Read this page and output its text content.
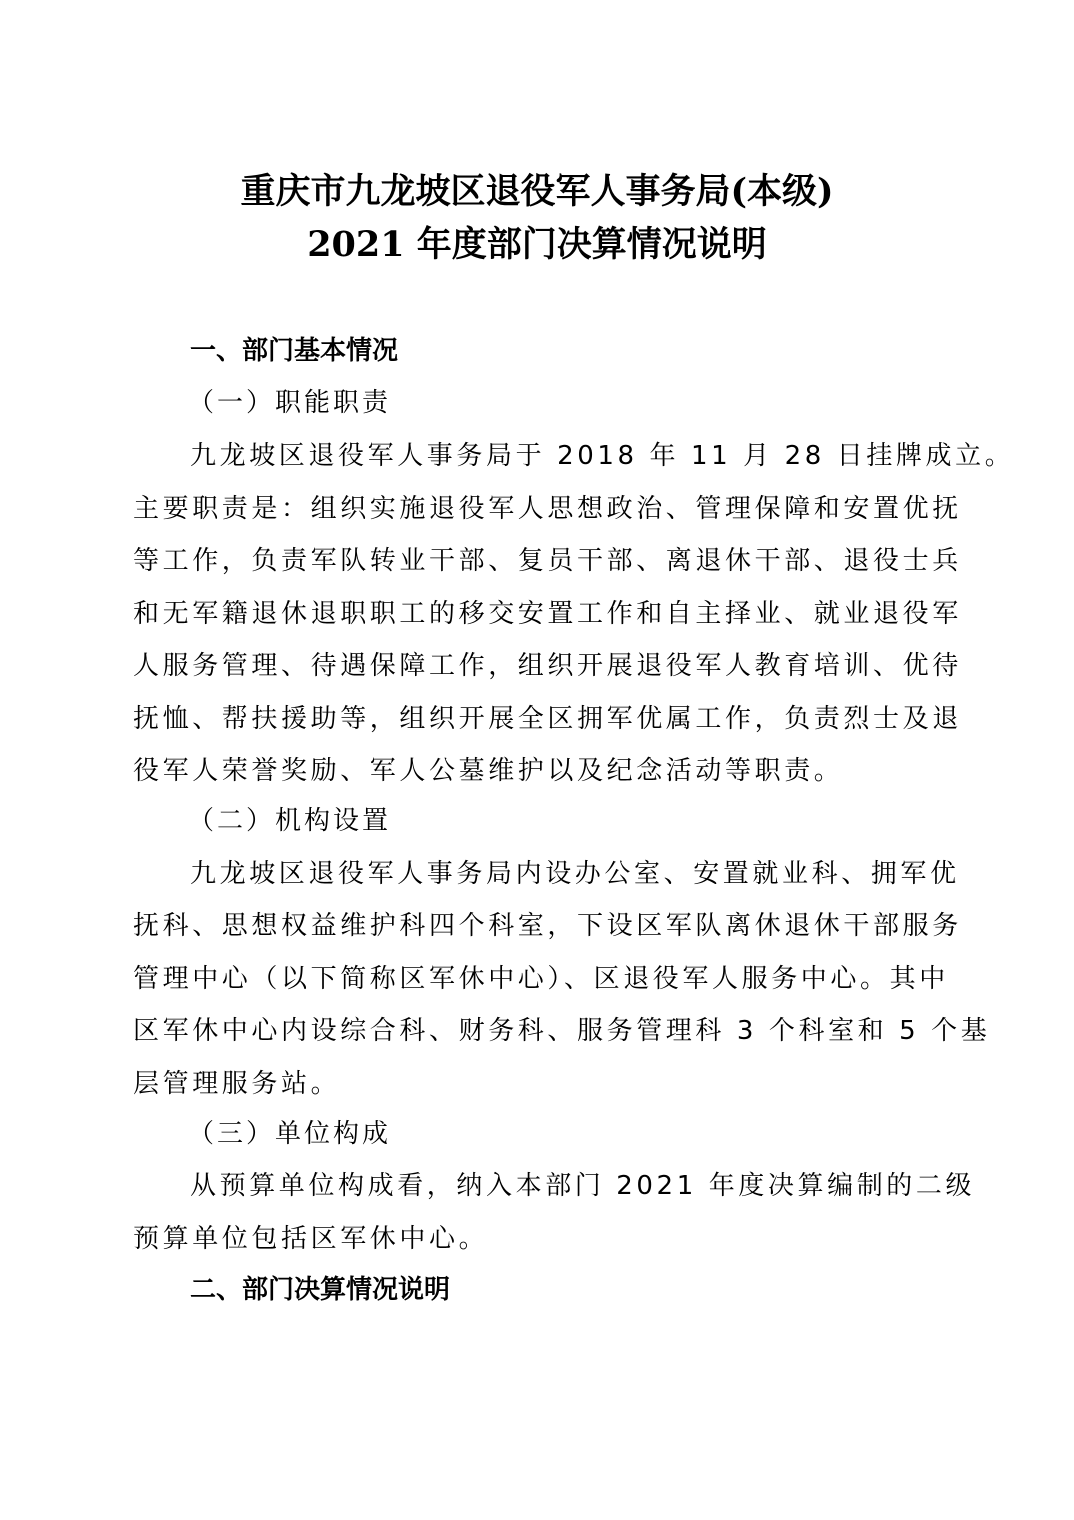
重庆市九龙坡区退役军人事务局(本级)
2021 年度部门决算情况说明
一、部门基本情况
（一）职能职责
九龙坡区退役军人事务局于 2018 年 11 月 28 日挂牌成立。
主要职责是：组织实施退役军人思想政治、管理保障和安置优抚
等工作，负责军队转业干部、复员干部、离退休干部、退役士兵
和无军籍退休退职职工的移交安置工作和自主择业、就业退役军
人服务管理、待遇保障工作，组织开展退役军人教育培训、优待
抚恤、帮扶援助等，组织开展全区拥军优属工作，负责烈士及退
役军人荣誉奖励、军人公墓维护以及纪念活动等职责。
（二）机构设置
九龙坡区退役军人事务局内设办公室、安置就业科、拥军优
抚科、思想权益维护科四个科室，下设区军队离休退休干部服务
管理中心（以下简称区军休中心）、区退役军人服务中心。其中
区军休中心内设综合科、财务科、服务管理科 3 个科室和 5 个基
层管理服务站。
（三）单位构成
从预算单位构成看，纳入本部门 2021 年度决算编制的二级
预算单位包括区军休中心。
二、部门决算情况说明
